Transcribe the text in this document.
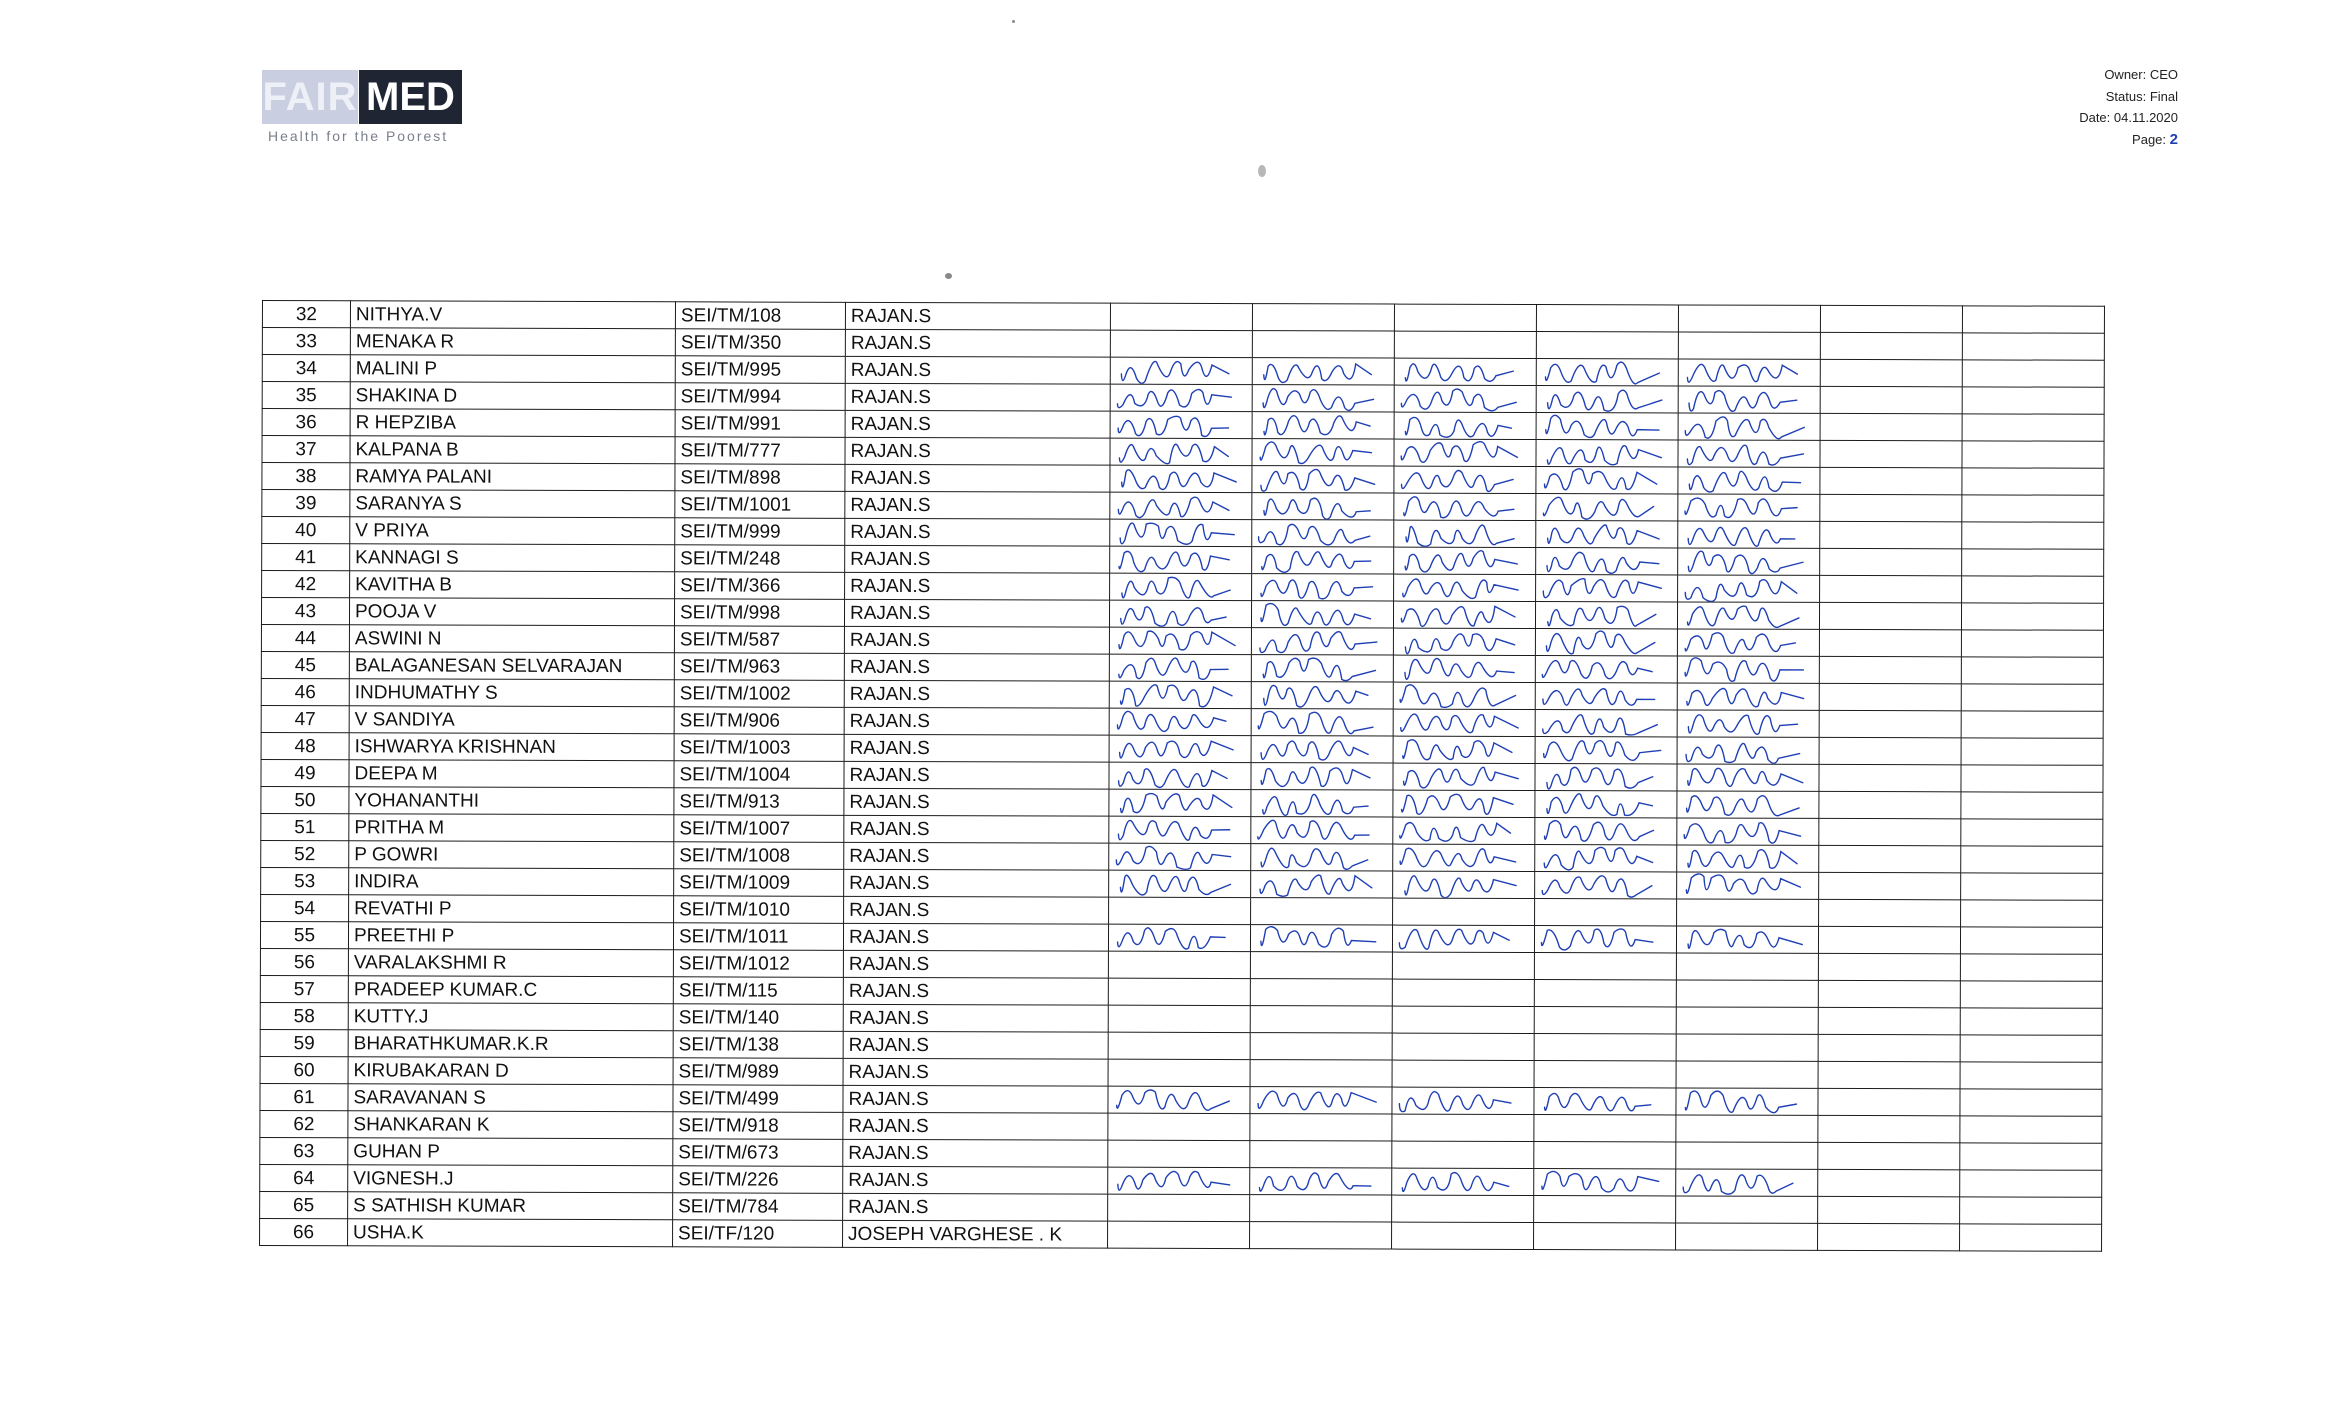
FAIR MED
Health for the Poorest
Owner: CEO
Status: Final
Date: 04.11.2020
Page: 2
32	NITHYA.V	SEI/TM/108	RAJAN.S							
33	MENAKA R	SEI/TM/350	RAJAN.S							
34	MALINI P	SEI/TM/995	RAJAN.S	

35	SHAKINA D	SEI/TM/994	RAJAN.S	

36	R HEPZIBA	SEI/TM/991	RAJAN.S	

37	KALPANA B	SEI/TM/777	RAJAN.S	

38	RAMYA PALANI	SEI/TM/898	RAJAN.S	

39	SARANYA S	SEI/TM/1001	RAJAN.S	

40	V PRIYA	SEI/TM/999	RAJAN.S	

41	KANNAGI S	SEI/TM/248	RAJAN.S	

42	KAVITHA B	SEI/TM/366	RAJAN.S	

43	POOJA V	SEI/TM/998	RAJAN.S	

44	ASWINI N	SEI/TM/587	RAJAN.S	

45	BALAGANESAN SELVARAJAN	SEI/TM/963	RAJAN.S	

46	INDHUMATHY S	SEI/TM/1002	RAJAN.S	

47	V SANDIYA	SEI/TM/906	RAJAN.S	

48	ISHWARYA KRISHNAN	SEI/TM/1003	RAJAN.S	

49	DEEPA M	SEI/TM/1004	RAJAN.S	

50	YOHANANTHI	SEI/TM/913	RAJAN.S	

51	PRITHA M	SEI/TM/1007	RAJAN.S	

52	P GOWRI	SEI/TM/1008	RAJAN.S	

53	INDIRA	SEI/TM/1009	RAJAN.S	

54	REVATHI P	SEI/TM/1010	RAJAN.S							
55	PREETHI P	SEI/TM/1011	RAJAN.S	

56	VARALAKSHMI R	SEI/TM/1012	RAJAN.S							
57	PRADEEP KUMAR.C	SEI/TM/115	RAJAN.S							
58	KUTTY.J	SEI/TM/140	RAJAN.S							
59	BHARATHKUMAR.K.R	SEI/TM/138	RAJAN.S							
60	KIRUBAKARAN D	SEI/TM/989	RAJAN.S							
61	SARAVANAN S	SEI/TM/499	RAJAN.S	

62	SHANKARAN K	SEI/TM/918	RAJAN.S							
63	GUHAN P	SEI/TM/673	RAJAN.S							
64	VIGNESH.J	SEI/TM/226	RAJAN.S	

65	S SATHISH KUMAR	SEI/TM/784	RAJAN.S							
66	USHA.K	SEI/TF/120	JOSEPH VARGHESE . K							
